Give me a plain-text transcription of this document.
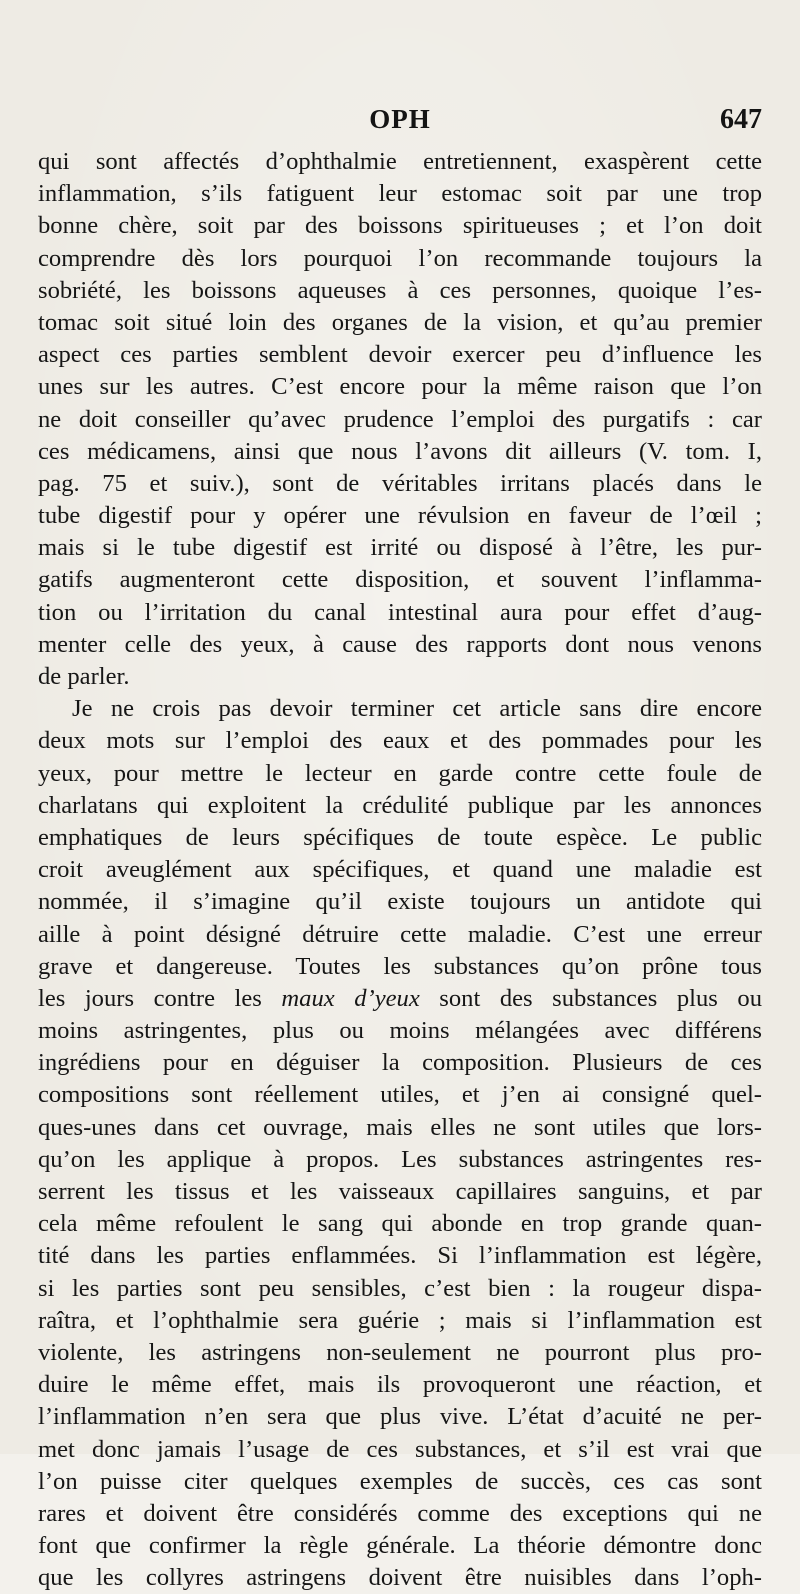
OPH	647
qui sont affectés d’ophthalmie entretiennent, exaspèrent cette
inflammation, s’ils fatiguent leur estomac soit par une trop
bonne chère, soit par des boissons spiritueuses ; et l’on doit
comprendre dès lors pourquoi l’on recommande toujours la
sobriété, les boissons aqueuses à ces personnes, quoique l’es-
tomac soit situé loin des organes de la vision, et qu’au premier
aspect ces parties semblent devoir exercer peu d’influence les
unes sur les autres. C’est encore pour la même raison que l’on
ne doit conseiller qu’avec prudence l’emploi des purgatifs : car
ces médicamens, ainsi que nous l’avons dit ailleurs (V. tom. I,
pag. 75 et suiv.), sont de véritables irritans placés dans le
tube digestif pour y opérer une révulsion en faveur de l’œil ;
mais si le tube digestif est irrité ou disposé à l’être, les pur-
gatifs augmenteront cette disposition, et souvent l’inflamma-
tion ou l’irritation du canal intestinal aura pour effet d’aug-
menter celle des yeux, à cause des rapports dont nous venons
de parler.
Je ne crois pas devoir terminer cet article sans dire encore
deux mots sur l’emploi des eaux et des pommades pour les
yeux, pour mettre le lecteur en garde contre cette foule de
charlatans qui exploitent la crédulité publique par les annonces
emphatiques de leurs spécifiques de toute espèce. Le public
croit aveuglément aux spécifiques, et quand une maladie est
nommée, il s’imagine qu’il existe toujours un antidote qui
aille à point désigné détruire cette maladie. C’est une erreur
grave et dangereuse. Toutes les substances qu’on prône tous
les jours contre les maux d’yeux sont des substances plus ou
moins astringentes, plus ou moins mélangées avec différens
ingrédiens pour en déguiser la composition. Plusieurs de ces
compositions sont réellement utiles, et j’en ai consigné quel-
ques-unes dans cet ouvrage, mais elles ne sont utiles que lors-
qu’on les applique à propos. Les substances astringentes res-
serrent les tissus et les vaisseaux capillaires sanguins, et par
cela même refoulent le sang qui abonde en trop grande quan-
tité dans les parties enflammées. Si l’inflammation est légère,
si les parties sont peu sensibles, c’est bien : la rougeur dispa-
raîtra, et l’ophthalmie sera guérie ; mais si l’inflammation est
violente, les astringens non-seulement ne pourront plus pro-
duire le même effet, mais ils provoqueront une réaction, et
l’inflammation n’en sera que plus vive. L’état d’acuité ne per-
met donc jamais l’usage de ces substances, et s’il est vrai que
l’on puisse citer quelques exemples de succès, ces cas sont
rares et doivent être considérés comme des exceptions qui ne
font que confirmer la règle générale. La théorie démontre donc
que les collyres astringens doivent être nuisibles dans l’oph-
